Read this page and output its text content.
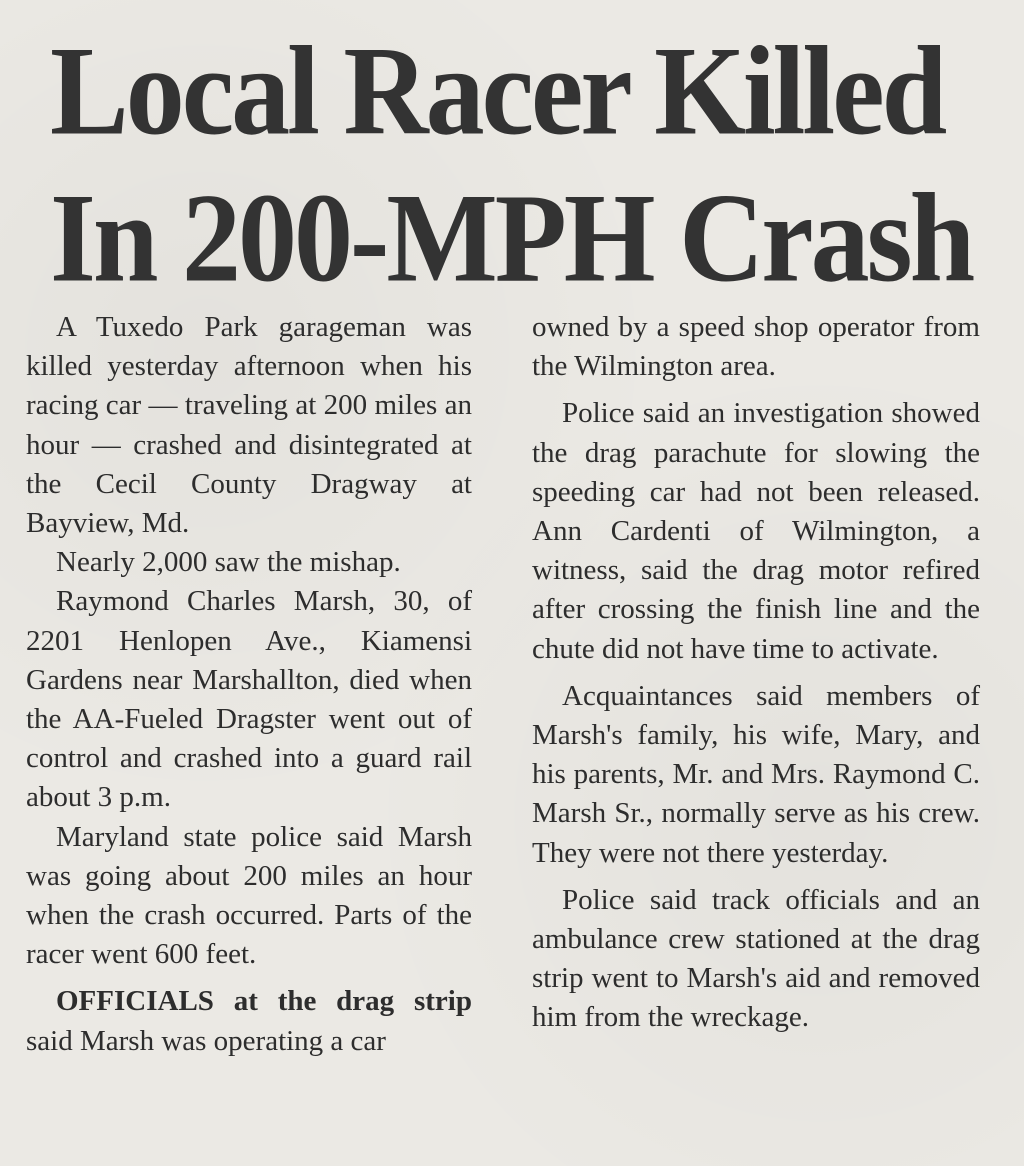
Local Racer Killed
In 200-MPH Crash

A Tuxedo Park garageman was killed yesterday afternoon when his racing car — traveling at 200 miles an hour — crashed and disintegrated at the Cecil County Dragway at Bayview, Md.

Nearly 2,000 saw the mishap.

Raymond Charles Marsh, 30, of 2201 Henlopen Ave., Kiamensi Gardens near Marshallton, died when the AA-Fueled Dragster went out of control and crashed into a guard rail about 3 p.m.

Maryland state police said Marsh was going about 200 miles an hour when the crash occurred. Parts of the racer went 600 feet.

OFFICIALS at the drag strip said Marsh was operating a car

owned by a speed shop operator from the Wilmington area.

Police said an investigation showed the drag parachute for slowing the speeding car had not been released. Ann Cardenti of Wilmington, a witness, said the drag motor refired after crossing the finish line and the chute did not have time to activate.

Acquaintances said members of Marsh's family, his wife, Mary, and his parents, Mr. and Mrs. Raymond C. Marsh Sr., normally serve as his crew. They were not there yesterday.

Police said track officials and an ambulance crew stationed at the drag strip went to Marsh's aid and removed him from the wreckage.
